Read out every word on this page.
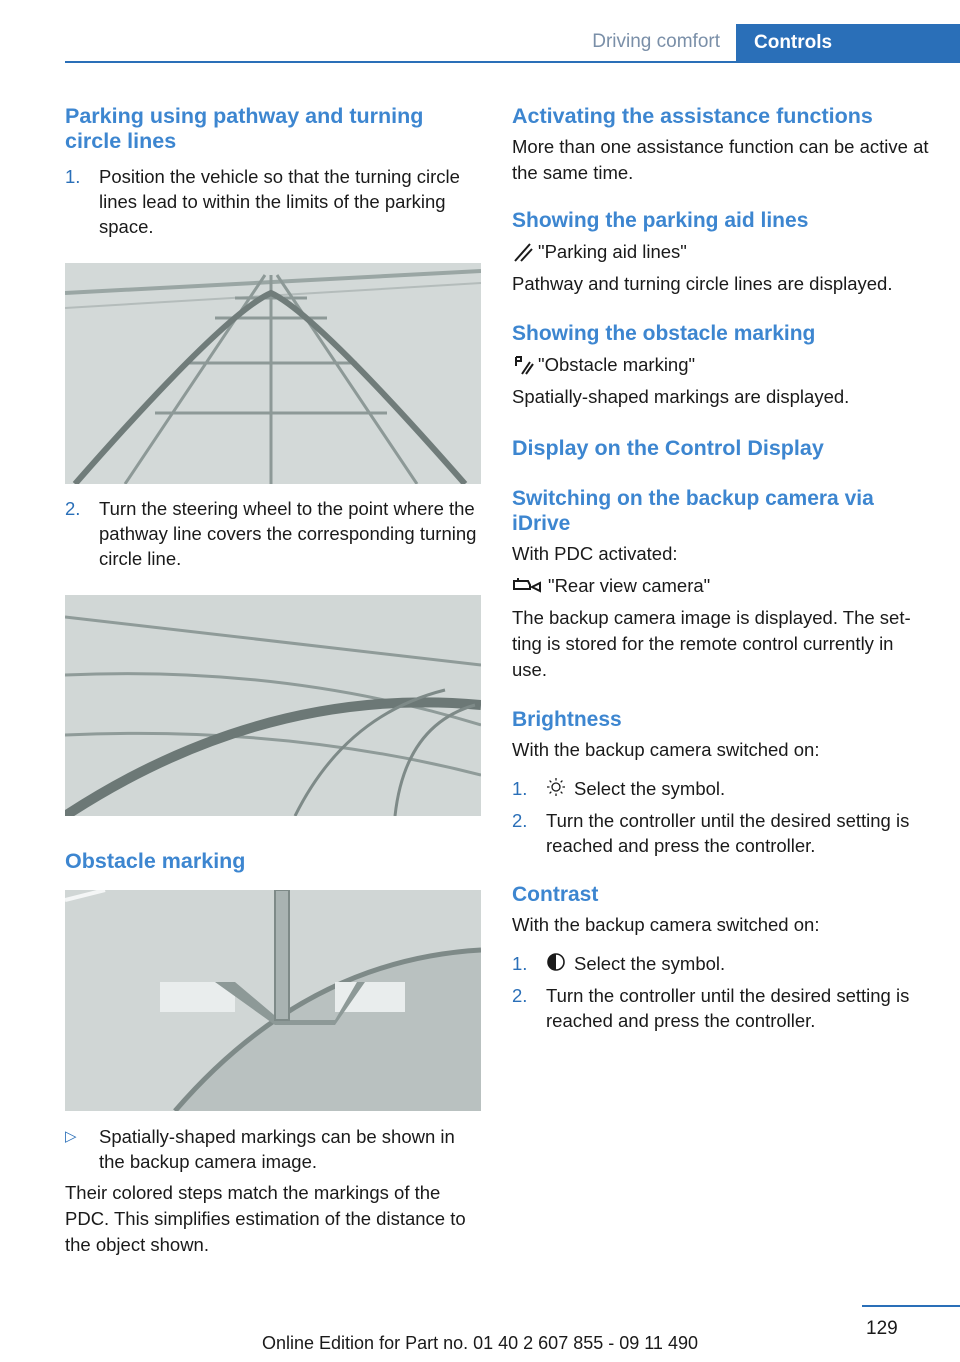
Driving comfort	Controls
Parking using pathway and turning circle lines
1.	Position the vehicle so that the turning circle lines lead to within the limits of the parking space.
2.	Turn the steering wheel to the point where the pathway line covers the corresponding turning circle line.
Obstacle marking
▷	Spatially-shaped markings can be shown in the backup camera image.

Their colored steps match the markings of the PDC. This simplifies estimation of the distance to the object shown.

Activating the assistance functions

More than one assistance function can be active at the same time.

Showing the parking aid lines
"Parking aid lines"

Pathway and turning circle lines are displayed.

Showing the obstacle marking
"Obstacle marking"

Spatially-shaped markings are displayed.

Display on the Control Display
Switching on the backup camera via iDrive

With PDC activated:

"Rear view camera"

The backup camera image is displayed. The setting is stored for the remote control currently in use.

Brightness

With the backup camera switched on:

1.	Select the symbol.
2.	Turn the controller until the desired setting is reached and press the controller.
Contrast

With the backup camera switched on:

1.	Select the symbol.
2.	Turn the controller until the desired setting is reached and press the controller.
129
Online Edition for Part no. 01 40 2 607 855 - 09 11 490
